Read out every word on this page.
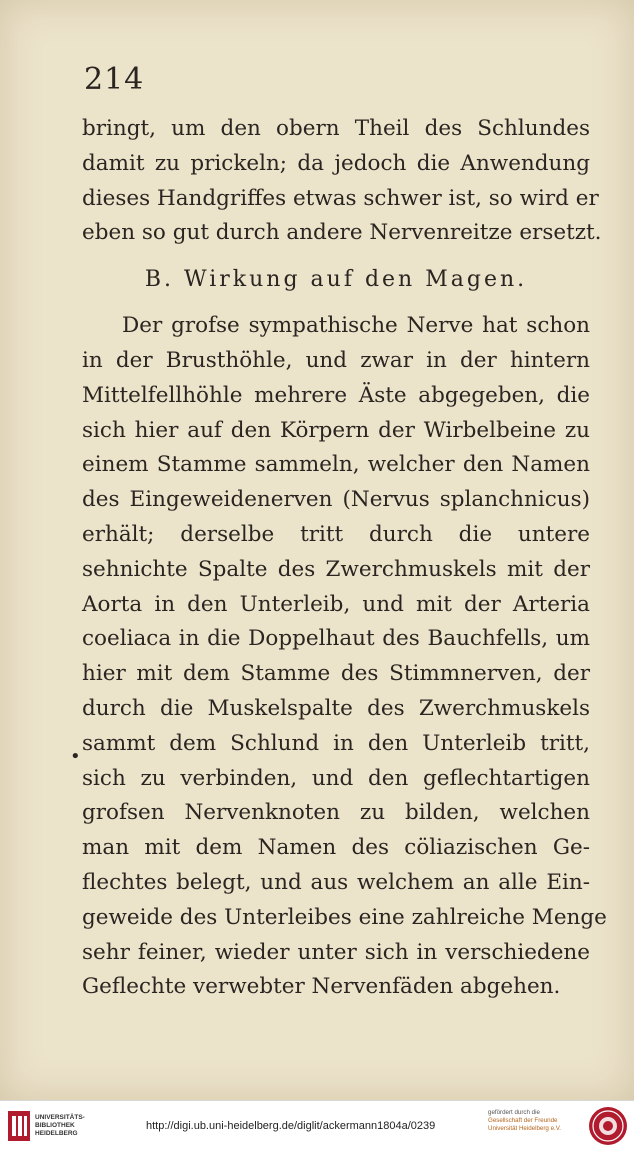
214
bringt, um den obern Theil des Schlundes
damit zu prickeln; da jedoch die Anwendung
dieses Handgriffes etwas schwer ist, so wird er
eben so gut durch andere Nervenreitze ersetzt.
B. Wirkung auf den Magen.
Der grofse sympathische Nerve hat schon
in der Brusthöhle, und zwar in der hintern
Mittelfellhöhle mehrere Äste abgegeben, die
sich hier auf den Körpern der Wirbelbeine zu
einem Stamme sammeln, welcher den Namen
des Eingeweidenerven (Nervus splanchnicus)
erhält; derselbe tritt durch die untere
sehnichte Spalte des Zwerchmuskels mit der
Aorta in den Unterleib, und mit der Arteria
coeliaca in die Doppelhaut des Bauchfells, um
hier mit dem Stamme des Stimmnerven, der
durch die Muskelspalte des Zwerchmuskels
sammt dem Schlund in den Unterleib tritt,
sich zu verbinden, und den geflechtartigen
grofsen Nervenknoten zu bilden, welchen
man mit dem Namen des cöliazischen Ge-
flechtes belegt, und aus welchem an alle Ein-
geweide des Unterleibes eine zahlreiche Menge
sehr feiner, wieder unter sich in verschiedene
Geflechte verwebter Nervenfäden abgehen.
•
UNIVERSITÄTS-
BIBLIOTHEK
HEIDELBERG
http://digi.ub.uni-heidelberg.de/diglit/ackermann1804a/0239
gefördert durch die
Gesellschaft der Freunde
Universität Heidelberg e.V.
